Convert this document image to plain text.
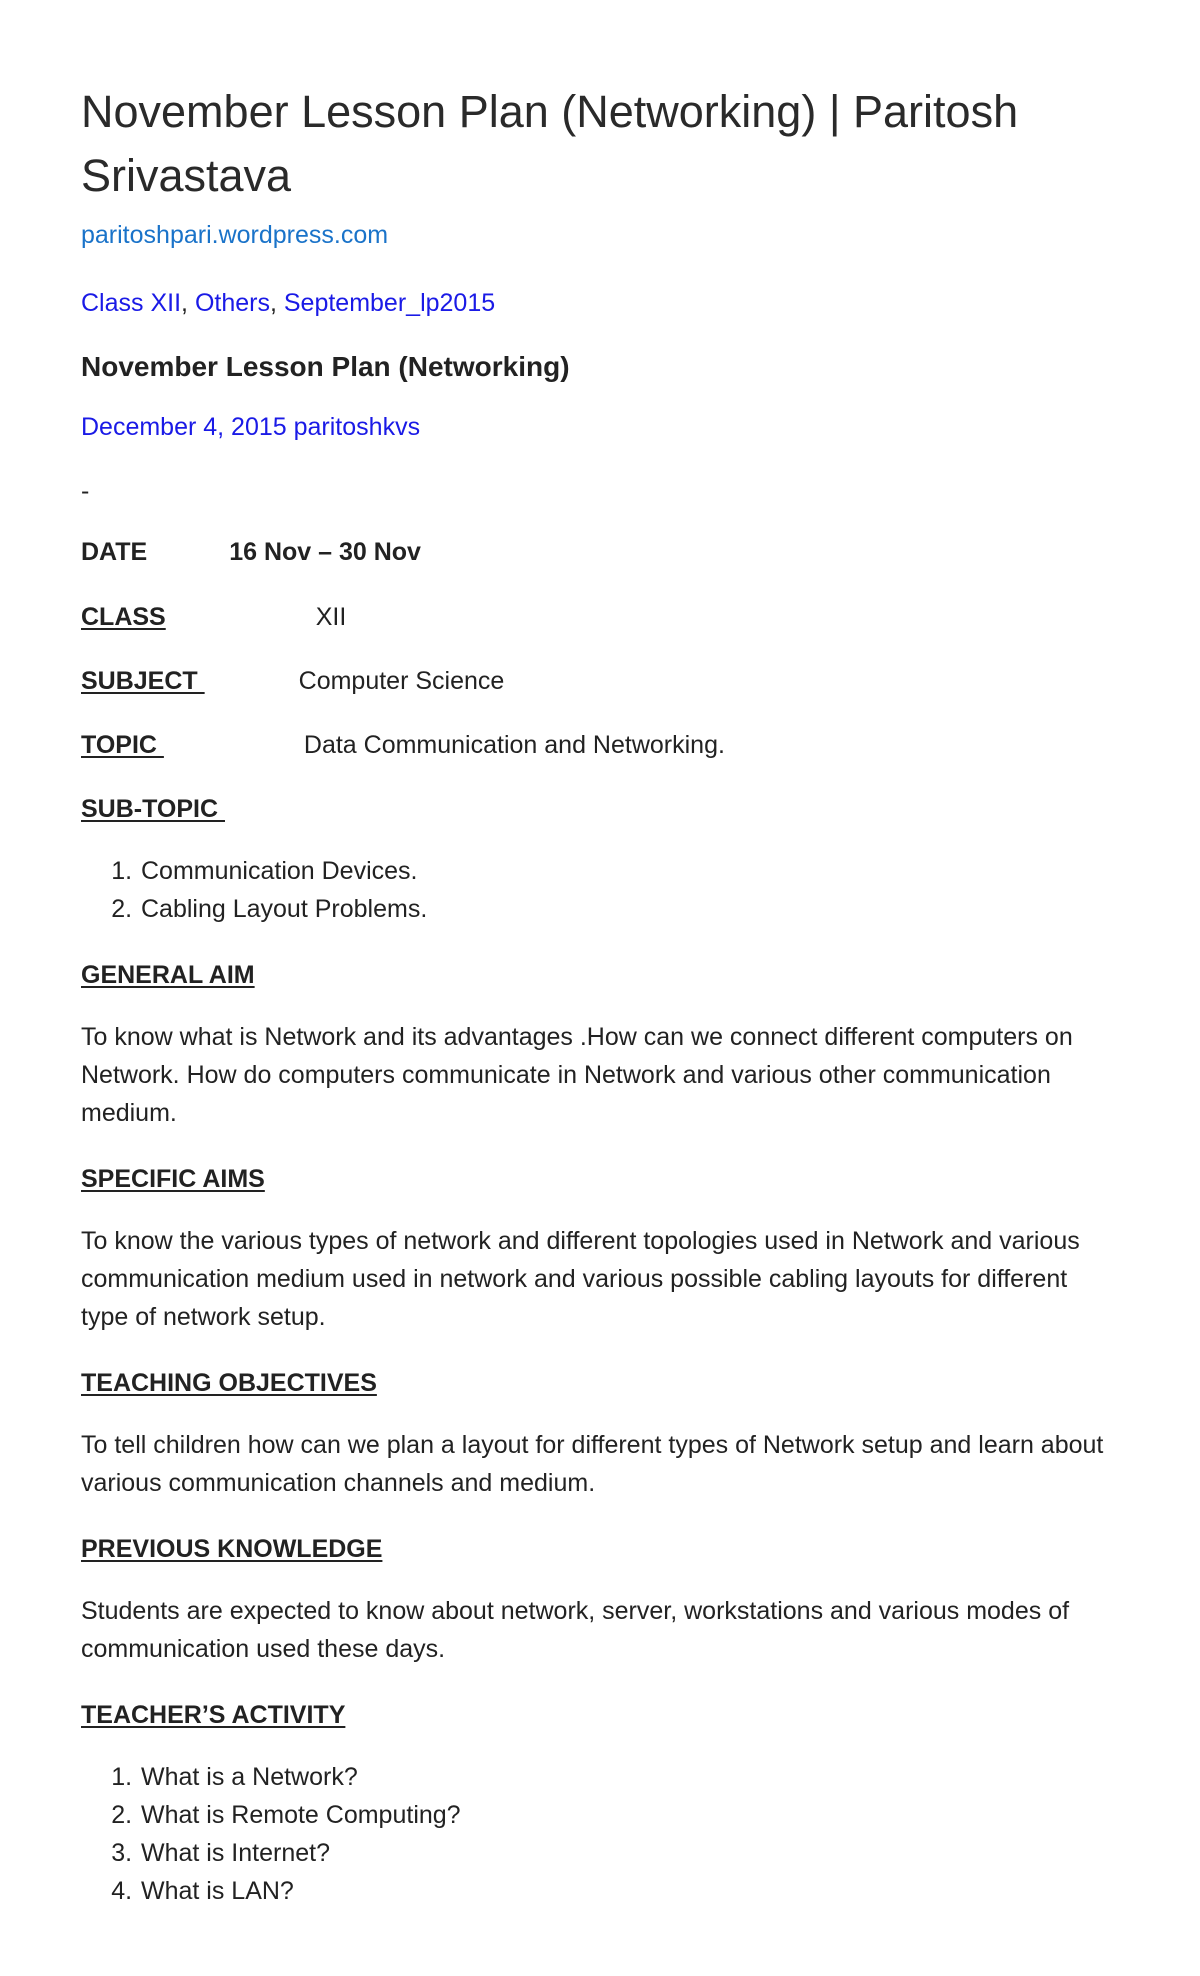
November Lesson Plan (Networking) | Paritosh Srivastava
paritoshpari.wordpress.com
Class XII, Others, September_lp2015
November Lesson Plan (Networking)
December 4, 2015 paritoshkvs
-
DATE	16 Nov – 30 Nov
CLASS	XII
SUBJECT	Computer Science
TOPIC	Data Communication and Networking.
SUB-TOPIC
1. Communication Devices.
2. Cabling Layout Problems.
GENERAL AIM

To know what is Network and its advantages .How can we connect different computers on Network. How do computers communicate in Network and various other communication medium.

SPECIFIC AIMS

To know the various types of network and different topologies used in Network and various communication medium used in network and various possible cabling layouts for different type of network setup.

TEACHING OBJECTIVES

To tell children how can we plan a layout for different types of Network setup and learn about various communication channels and medium.

PREVIOUS KNOWLEDGE

Students are expected to know about network, server, workstations and various modes of communication used these days.

TEACHER’S ACTIVITY
1. What is a Network?
2. What is Remote Computing?
3. What is Internet?
4. What is LAN?
